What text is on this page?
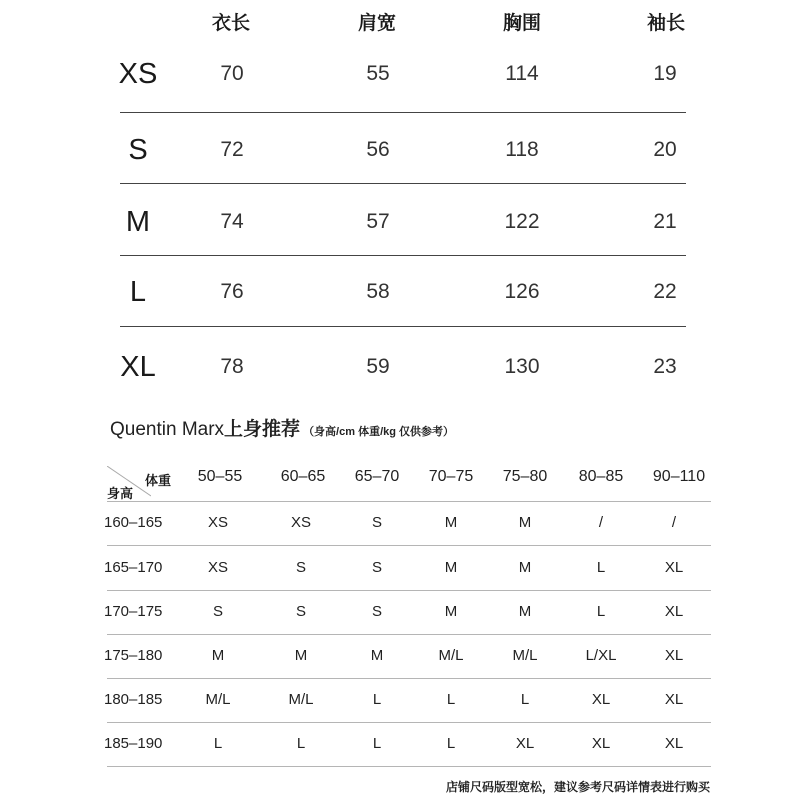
衣长	肩宽	胸围	袖长
XS	70	55	114	19
S	72	56	118	20
M	74	57	122	21
L	76	58	126	22
XL	78	59	130	23
Quentin Marx上身推荐 （身高/cm 体重/kg 仅供参考）
体重
身高
50–55	60–65	65–70	70–75	75–80	80–85	90–110
160–165	XS	XS	S	M	M	/	/
165–170	XS	S	S	M	M	L	XL
170–175	S	S	S	M	M	L	XL
175–180	M	M	M	M/L	M/L	L/XL	XL
180–185	M/L	M/L	L	L	L	XL	XL
185–190	L	L	L	L	XL	XL	XL
店铺尺码版型宽松，建议参考尺码详情表进行购买
